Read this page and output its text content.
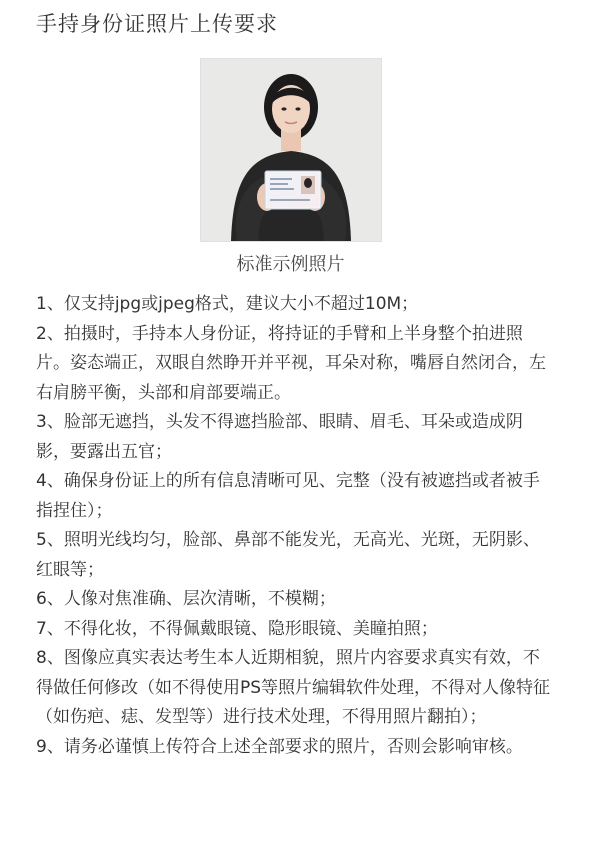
手持身份证照片上传要求
标准示例照片
1、仅支持jpg或jpeg格式，建议大小不超过10M；
2、拍摄时，手持本人身份证，将持证的手臂和上半身整个拍进照片。姿态端正，双眼自然睁开并平视，耳朵对称，嘴唇自然闭合，左右肩膀平衡，头部和肩部要端正。
3、脸部无遮挡，头发不得遮挡脸部、眼睛、眉毛、耳朵或造成阴影，要露出五官；
4、确保身份证上的所有信息清晰可见、完整（没有被遮挡或者被手指捏住）；
5、照明光线均匀，脸部、鼻部不能发光，无高光、光斑，无阴影、红眼等；
6、人像对焦准确、层次清晰，不模糊；
7、不得化妆，不得佩戴眼镜、隐形眼镜、美瞳拍照；
8、图像应真实表达考生本人近期相貌，照片内容要求真实有效，不得做任何修改（如不得使用PS等照片编辑软件处理，不得对人像特征（如伤疤、痣、发型等）进行技术处理，不得用照片翻拍）；
9、请务必谨慎上传符合上述全部要求的照片，否则会影响审核。
